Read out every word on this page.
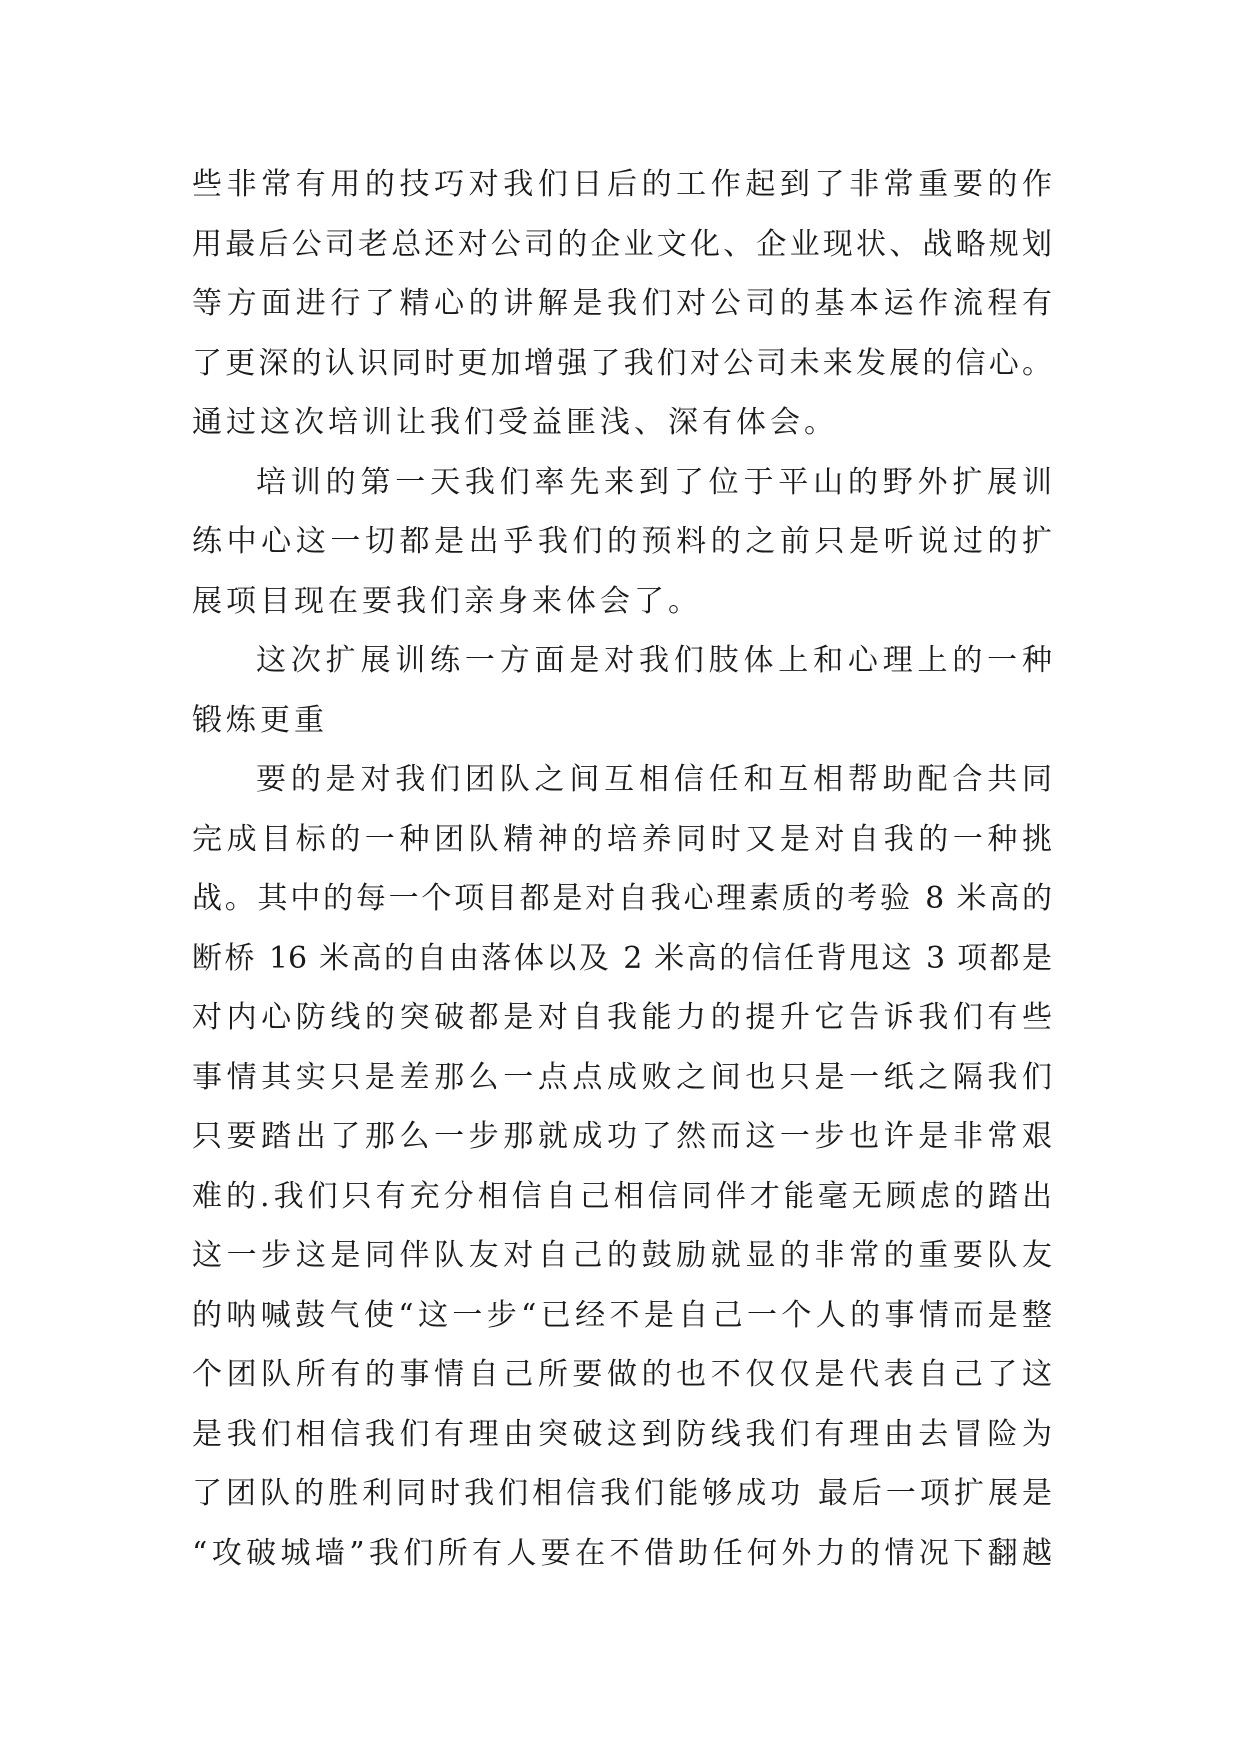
些非常有用的技巧对我们日后的工作起到了非常重要的作
用最后公司老总还对公司的企业文化、企业现状、战略规划
等方面进行了精心的讲解是我们对公司的基本运作流程有
了更深的认识同时更加增强了我们对公司未来发展的信心。
通过这次培训让我们受益匪浅、深有体会。
培训的第一天我们率先来到了位于平山的野外扩展训
练中心这一切都是出乎我们的预料的之前只是听说过的扩
展项目现在要我们亲身来体会了。
这次扩展训练一方面是对我们肢体上和心理上的一种
锻炼更重
要的是对我们团队之间互相信任和互相帮助配合共同
完成目标的一种团队精神的培养同时又是对自我的一种挑
战。其中的每一个项目都是对自我心理素质的考验 8 米高的
断桥 16 米高的自由落体以及 2 米高的信任背甩这 3 项都是
对内心防线的突破都是对自我能力的提升它告诉我们有些
事情其实只是差那么一点点成败之间也只是一纸之隔我们
只要踏出了那么一步那就成功了然而这一步也许是非常艰
难的.我们只有充分相信自己相信同伴才能毫无顾虑的踏出
这一步这是同伴队友对自己的鼓励就显的非常的重要队友
的呐喊鼓气使“这一步“已经不是自己一个人的事情而是整
个团队所有的事情自己所要做的也不仅仅是代表自己了这
是我们相信我们有理由突破这到防线我们有理由去冒险为
了团队的胜利同时我们相信我们能够成功 最后一项扩展是
“攻破城墙”我们所有人要在不借助任何外力的情况下翻越
